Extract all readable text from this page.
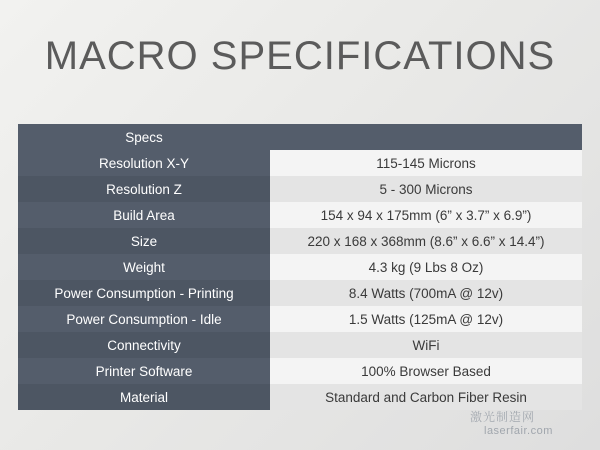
MACRO SPECIFICATIONS
Specs	
Resolution X-Y	115-145 Microns
Resolution Z	5 - 300 Microns
Build Area	154 x 94 x 175mm (6” x 3.7” x 6.9”)
Size	220 x 168 x 368mm (8.6” x 6.6” x 14.4”)
Weight	4.3 kg (9 Lbs 8 Oz)
Power Consumption - Printing	8.4 Watts (700mA @ 12v)
Power Consumption - Idle	1.5 Watts (125mA @ 12v)
Connectivity	WiFi
Printer Software	100% Browser Based
Material	Standard and Carbon Fiber Resin
激光制造网
laserfair.com
